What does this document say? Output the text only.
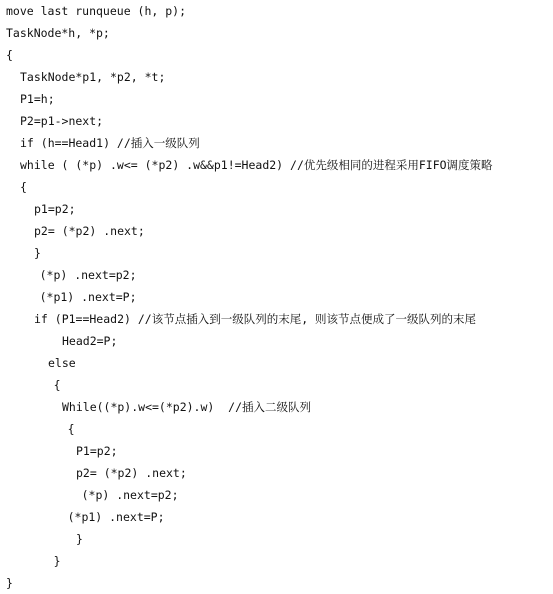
move last runqueue (h, p);
TaskNode*h, *p;
{
TaskNode*p1, *p2, *t;
P1=h;
P2=p1->next;
if (h==Head1) //插入一级队列
while ( (*p) .w<= (*p2) .w&&p1!=Head2) //优先级相同的进程采用FIFO调度策略
{
p1=p2;
p2= (*p2) .next;
}
(*p) .next=p2;
(*p1) .next=P;
if (P1==Head2) //该节点插入到一级队列的末尾, 则该节点便成了一级队列的末尾
Head2=P;
else
{
While((*p).w<=(*p2).w)  //插入二级队列
{
P1=p2;
p2= (*p2) .next;
(*p) .next=p2;
(*p1) .next=P;
}
}
}
